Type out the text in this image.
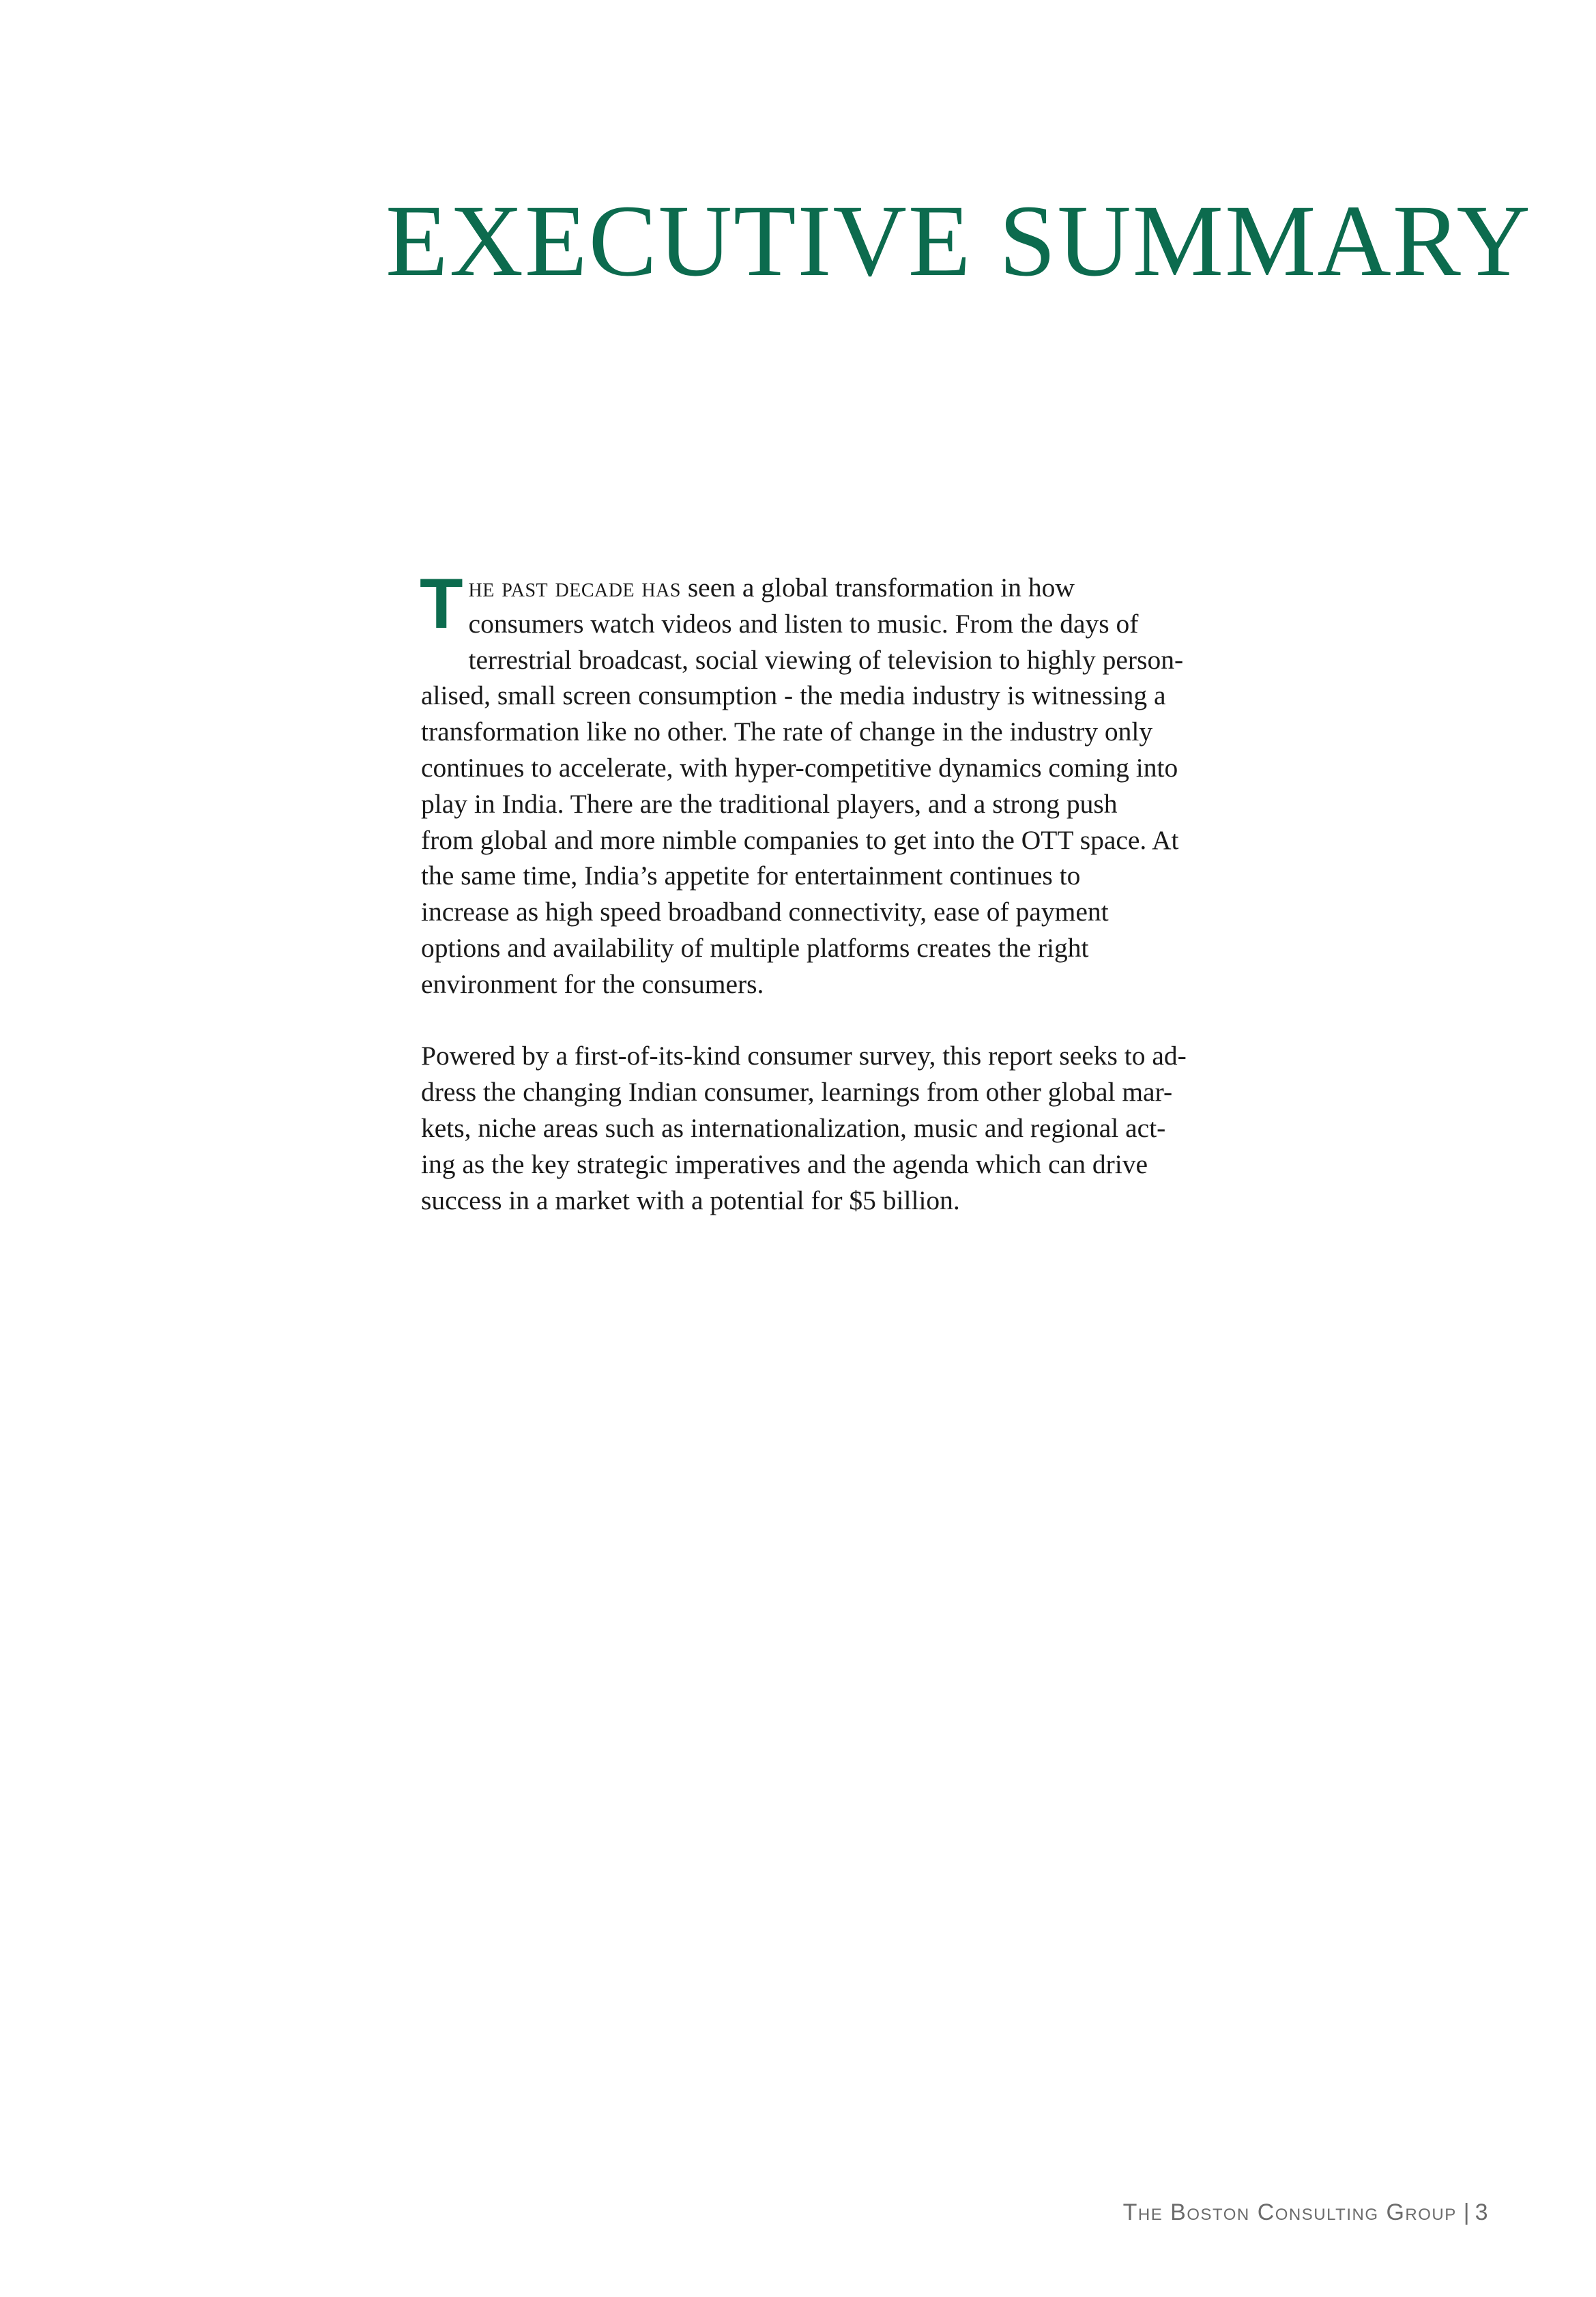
EXECUTIVE SUMMARY

T he past decade has seen a global transformation in how
consumers watch videos and listen to music. From the days of
terrestrial broadcast, social viewing of television to highly person-
alised, small screen consumption - the media industry is witnessing a
transformation like no other. The rate of change in the industry only
continues to accelerate, with hyper-competitive dynamics coming into
play in India. There are the traditional players, and a strong push
from global and more nimble companies to get into the OTT space. At
the same time, India’s appetite for entertainment continues to
increase as high speed broadband connectivity, ease of payment
options and availability of multiple platforms creates the right
environment for the consumers.

Powered by a first-of-its-kind consumer survey, this report seeks to ad-
dress the changing Indian consumer, learnings from other global mar-
kets, niche areas such as internationalization, music and regional act-
ing as the key strategic imperatives and the agenda which can drive
success in a market with a potential for $5 billion.

The Boston Consulting Group | 3
